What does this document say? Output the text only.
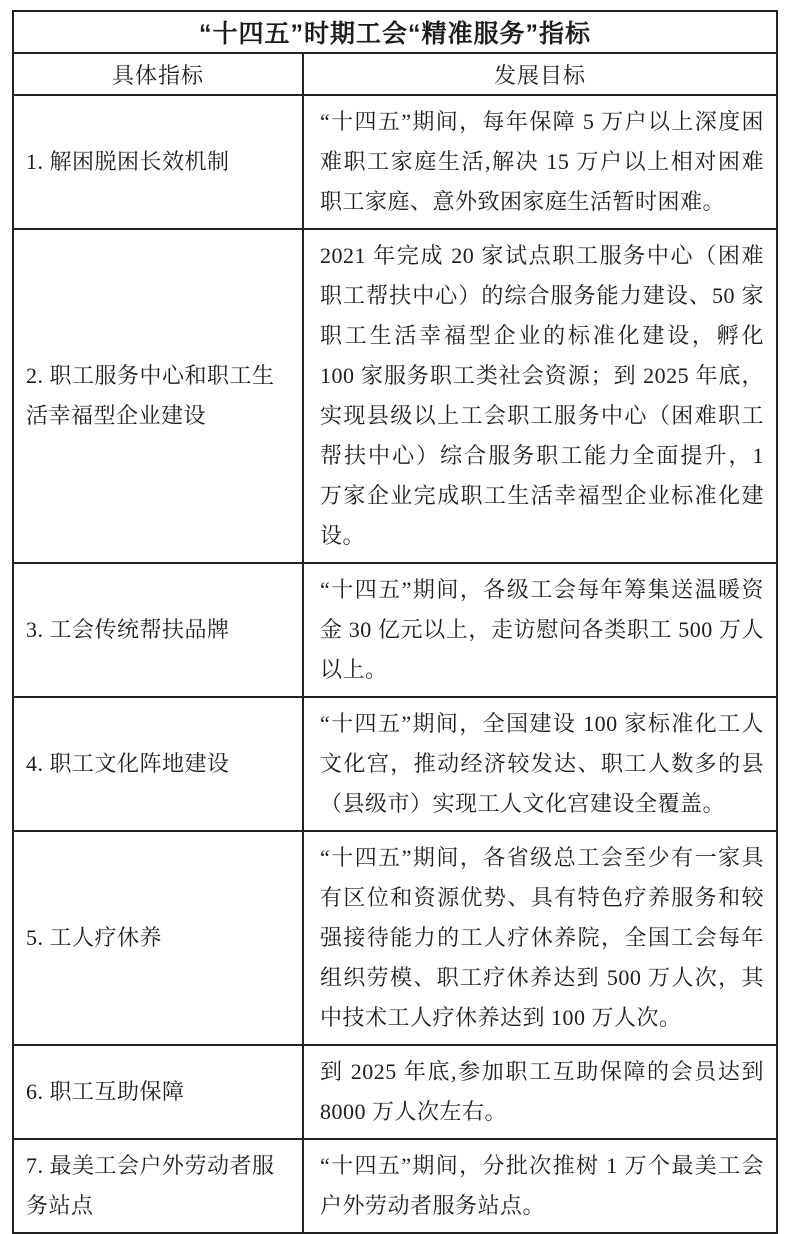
“十四五”时期工会“精准服务”指标	
具体指标	发展目标
1. 解困脱困长效机制	“十四五”期间，每年保障 5 万户以上深度困难职工家庭生活,解决 15 万户以上相对困难职工家庭、意外致困家庭生活暂时困难。
2. 职工服务中心和职工生活幸福型企业建设	2021 年完成 20 家试点职工服务中心（困难职工帮扶中心）的综合服务能力建设、50 家职工生活幸福型企业的标准化建设，孵化 100 家服务职工类社会资源；到 2025 年底，实现县级以上工会职工服务中心（困难职工帮扶中心）综合服务职工能力全面提升，1 万家企业完成职工生活幸福型企业标准化建设。
3. 工会传统帮扶品牌	“十四五”期间，各级工会每年筹集送温暖资金 30 亿元以上，走访慰问各类职工 500 万人以上。
4. 职工文化阵地建设	“十四五”期间，全国建设 100 家标准化工人文化宫，推动经济较发达、职工人数多的县（县级市）实现工人文化宫建设全覆盖。
5. 工人疗休养	“十四五”期间，各省级总工会至少有一家具有区位和资源优势、具有特色疗养服务和较强接待能力的工人疗休养院，全国工会每年组织劳模、职工疗休养达到 500 万人次，其中技术工人疗休养达到 100 万人次。
6. 职工互助保障	到 2025 年底,参加职工互助保障的会员达到 8000 万人次左右。
7. 最美工会户外劳动者服务站点	“十四五”期间，分批次推树 1 万个最美工会户外劳动者服务站点。
